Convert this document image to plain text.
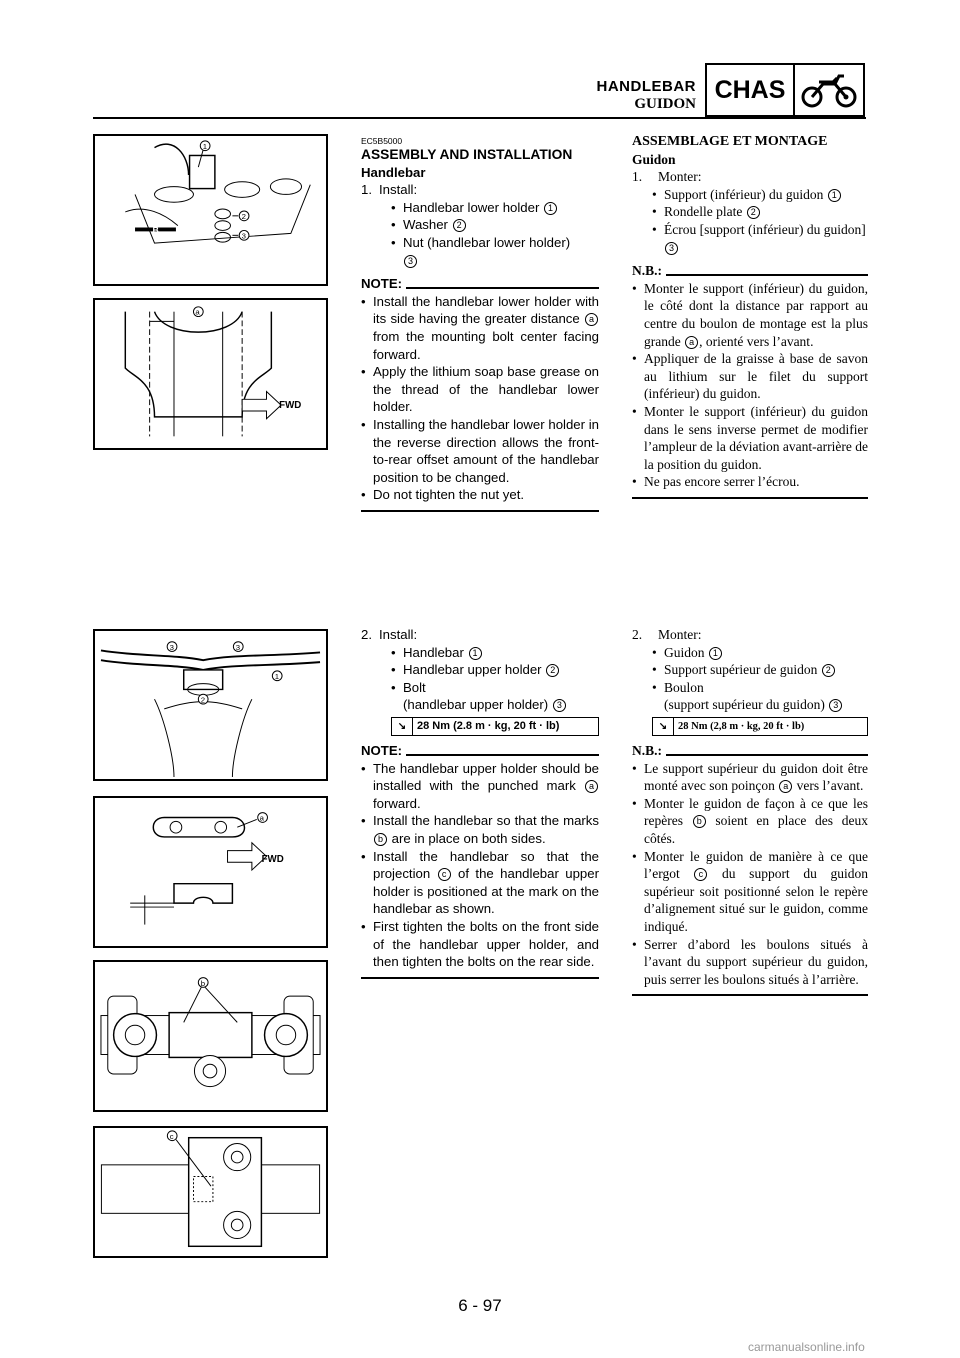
HANDLEBAR
GUIDON
CHAS
B
1
2
3
a
FWD
3	3
1
2
a
FWD
b
c
EC5B5000
ASSEMBLY AND INSTALLATION
Handlebar
1. Install:
• Handlebar lower holder 1
• Washer 2
• Nut (handlebar lower holder)
3
NOTE:
• Install the handlebar lower holder with its side having the greater distance a from the mounting bolt center facing forward.
• Apply the lithium soap base grease on the thread of the handlebar lower holder.
• Installing the handlebar lower holder in the reverse direction allows the front-to-rear offset amount of the handlebar position to be changed.
• Do not tighten the nut yet.
2. Install:
• Handlebar 1
• Handlebar upper holder 2
• Bolt
(handlebar upper holder) 3
↘ 28 Nm (2.8 m · kg, 20 ft · lb)
NOTE:
• The handlebar upper holder should be installed with the punched mark a forward.
• Install the handlebar so that the marks b are in place on both sides.
• Install the handlebar so that the projection c of the handlebar upper holder is positioned at the mark on the handlebar as shown.
• First tighten the bolts on the front side of the handlebar upper holder, and then tighten the bolts on the rear side.
ASSEMBLAGE ET MONTAGE
Guidon
1.	Monter:
• Support (inférieur) du guidon 1
• Rondelle plate 2
• Écrou [support (inférieur) du guidon] 3
N.B.:
• Monter le support (inférieur) du guidon, le côté dont la distance par rapport au centre du boulon de montage est la plus grande a , orienté vers l’avant.
• Appliquer de la graisse à base de savon au lithium sur le filet du support (inférieur) du guidon.
• Monter le support (inférieur) du guidon dans le sens inverse permet de modifier l’ampleur de la déviation avant-arrière de la position du guidon.
• Ne pas encore serrer l’écrou.
2.	Monter:
• Guidon 1
• Support supérieur de guidon 2
• Boulon
(support supérieur du guidon) 3
↘	28 Nm (2,8 m · kg, 20 ft · lb)
N.B.:
• Le support supérieur du guidon doit être monté avec son poinçon a vers l’avant.
• Monter le guidon de façon à ce que les repères b soient en place des deux côtés.
• Monter le guidon de manière à ce que l’ergot c du support du guidon supérieur soit positionné selon le repère d’alignement situé sur le guidon, comme indiqué.
• Serrer d’abord les boulons situés à l’avant du support supérieur du guidon, puis serrer les boulons situés à l’arrière.
6 - 97
carmanualsonline.info
